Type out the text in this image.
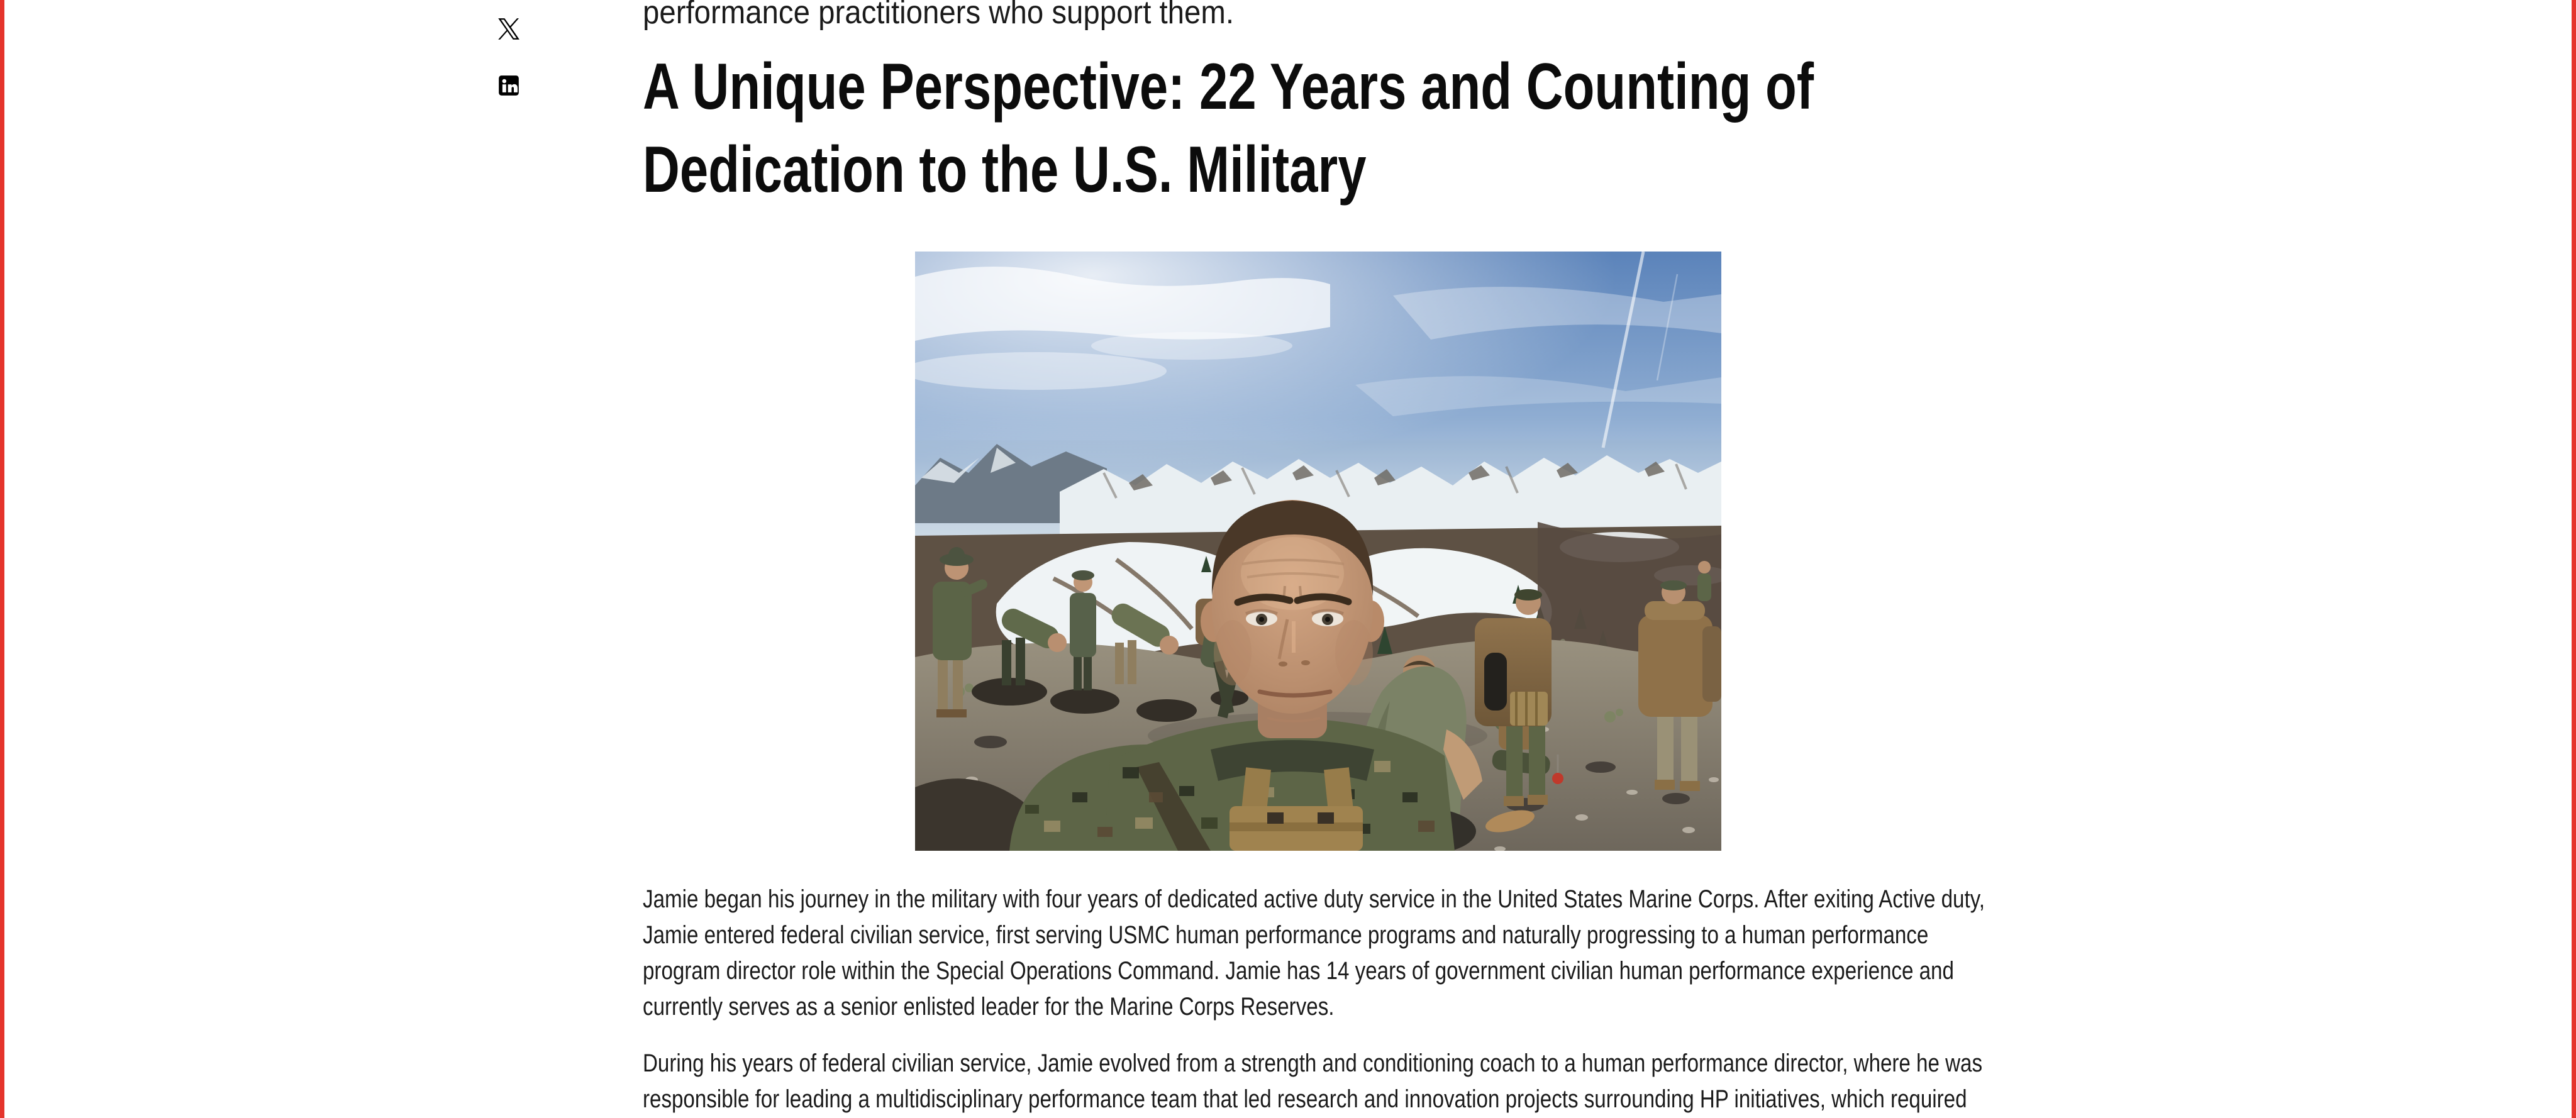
performance practitioners who support them.

A Unique Perspective: 22 Years and Counting of
Dedication to the U.S. Military

Jamie began his journey in the military with four years of dedicated active duty service in the United States Marine Corps. After exiting Active duty,
Jamie entered federal civilian service, first serving USMC human performance programs and naturally progressing to a human performance
program director role within the Special Operations Command. Jamie has 14 years of government civilian human performance experience and
currently serves as a senior enlisted leader for the Marine Corps Reserves.

During his years of federal civilian service, Jamie evolved from a strength and conditioning coach to a human performance director, where he was
responsible for leading a multidisciplinary performance team that led research and innovation projects surrounding HP initiatives, which required
